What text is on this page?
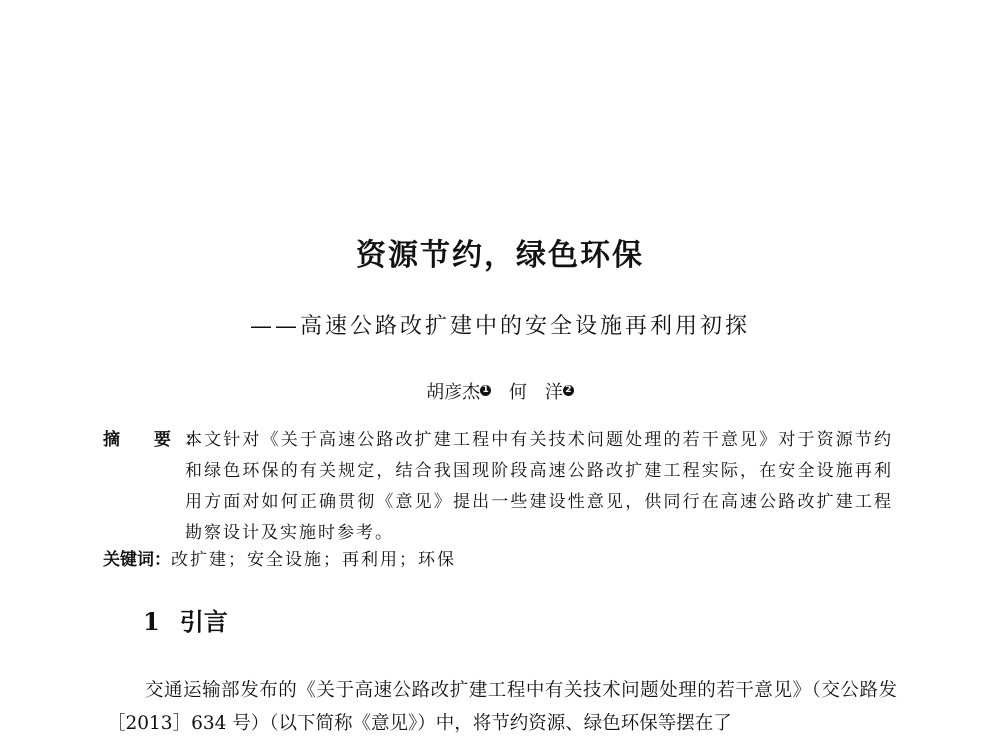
资源节约，绿色环保
——高速公路改扩建中的安全设施再利用初探
胡彦杰 $^1$ 何　洋 $^2$
摘 要：
本文针对《关于高速公路改扩建工程中有关技术问题处理的若干意见》对于资源节约和绿色环保的有关规定，结合我国现阶段高速公路改扩建工程实际，在安全设施再利用方面对如何正确贯彻《意见》提出一些建设性意见，供同行在高速公路改扩建工程勘察设计及实施时参考。
关键词：改扩建；安全设施；再利用；环保
1 引言
交通运输部发布的《关于高速公路改扩建工程中有关技术问题处理的若干意见》（交公路发［2013］634 号）（以下简称《意见》）中，将节约资源、绿色环保等摆在了
